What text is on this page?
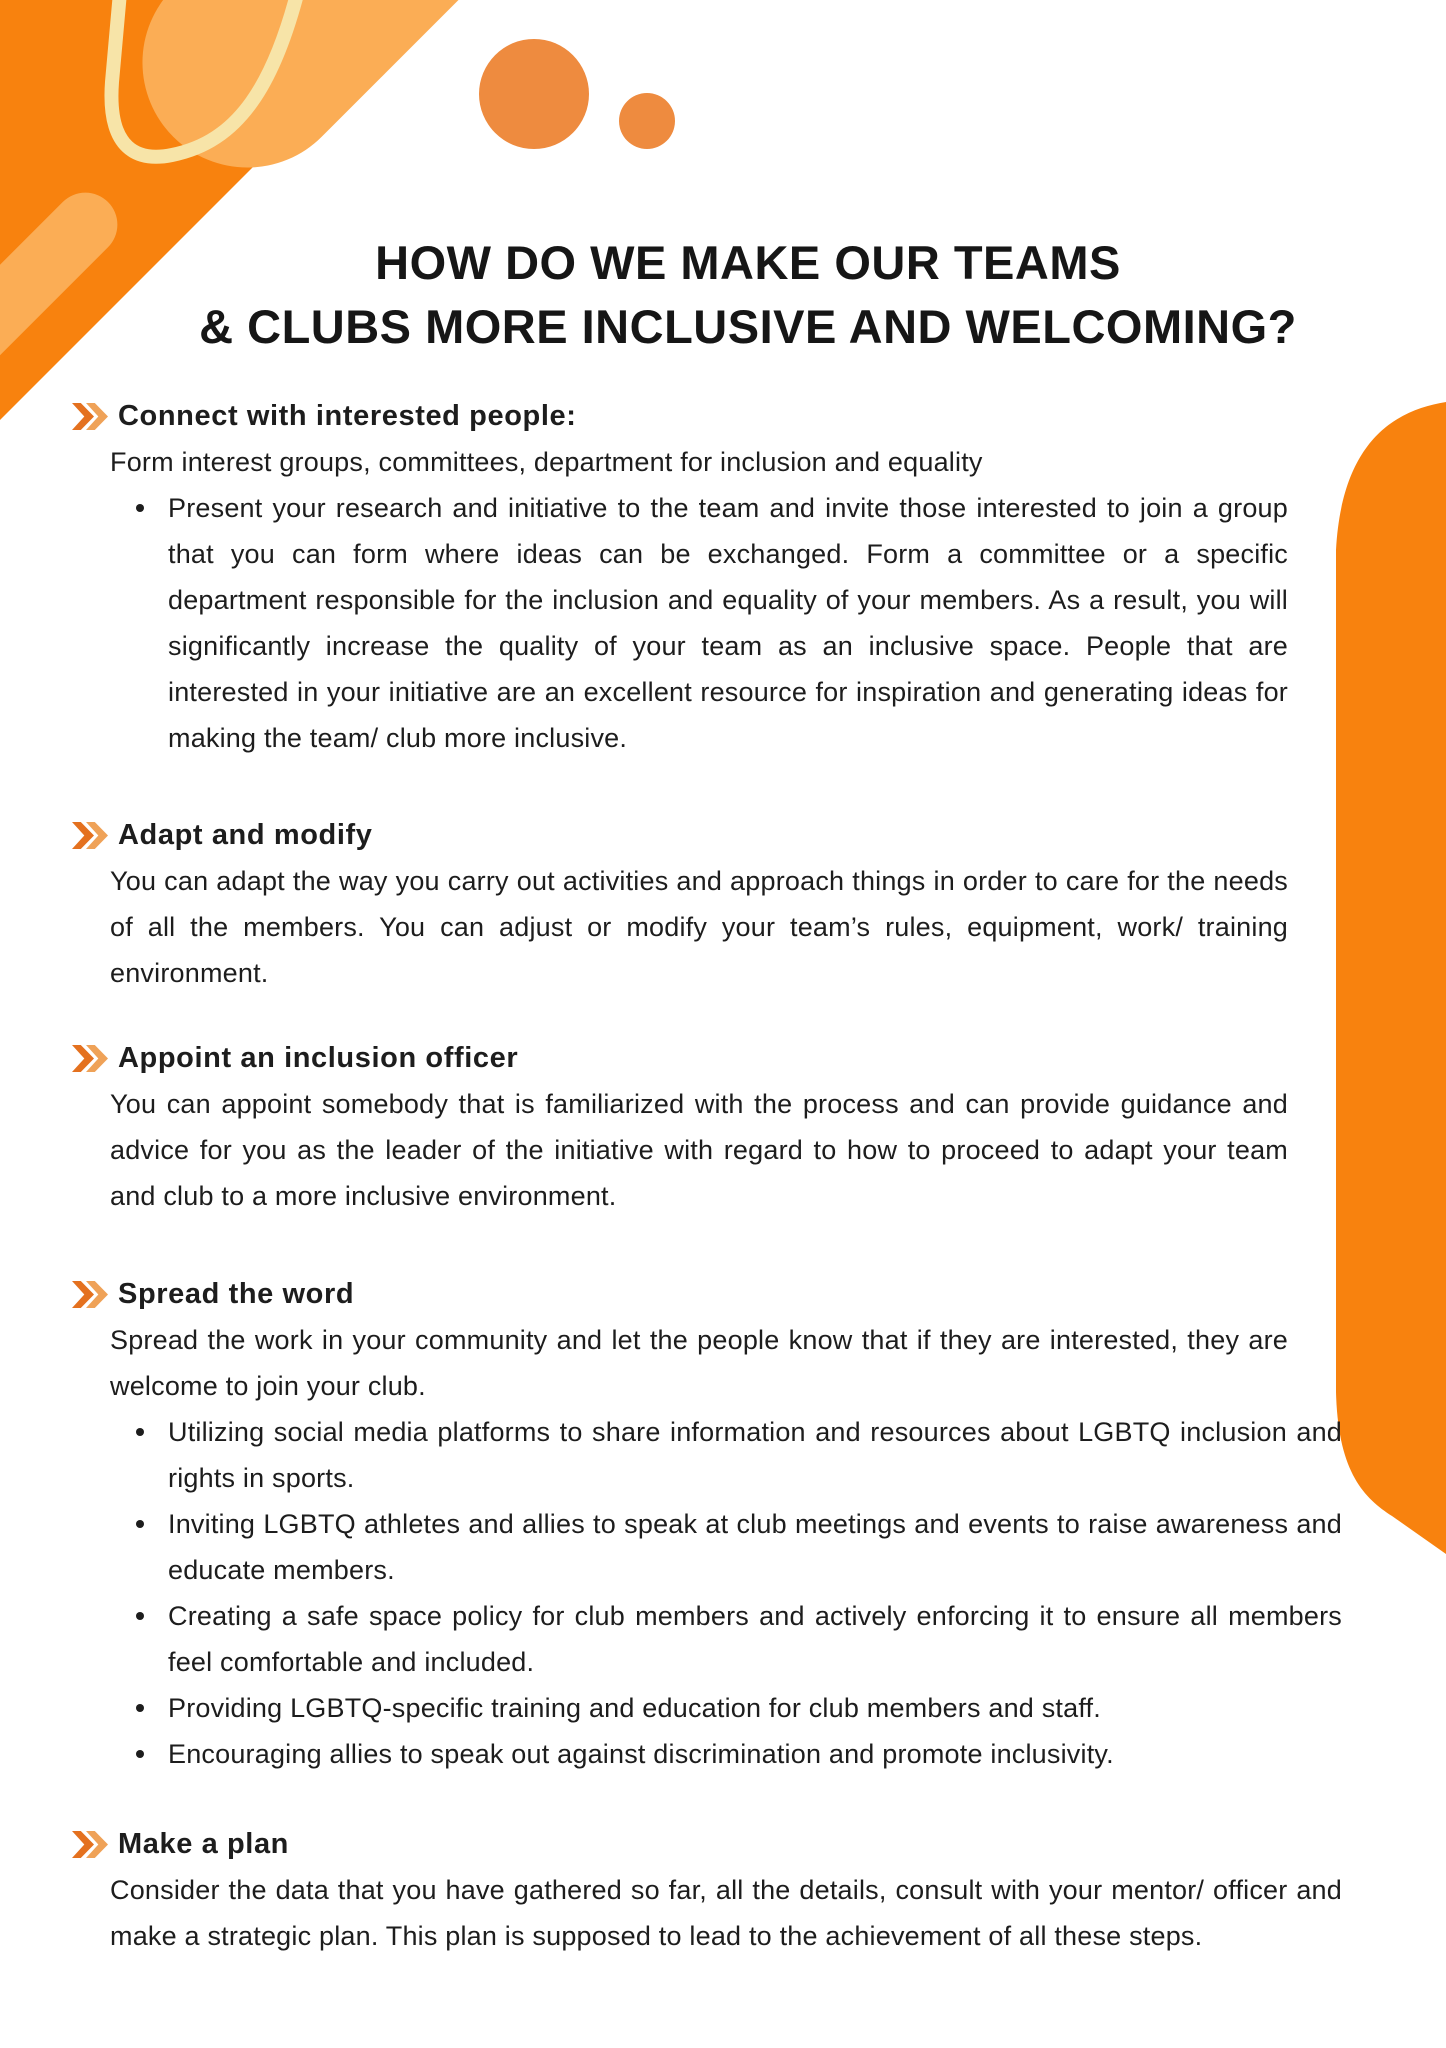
HOW DO WE MAKE OUR TEAMS
& CLUBS MORE INCLUSIVE AND WELCOMING?
Connect with interested people:

Form interest groups, committees, department for inclusion and equality

Present your research and initiative to the team and invite those interested to join a group that you can form where ideas can be exchanged. Form a committee or a specific department responsible for the inclusion and equality of your members. As a result, you will significantly increase the quality of your team as an inclusive space. People that are interested in your initiative are an excellent resource for inspiration and generating ideas for making the team/ club more inclusive.

Adapt and modify

You can adapt the way you carry out activities and approach things in order to care for the needs of all the members. You can adjust or modify your team’s rules, equipment, work/ training environment.

Appoint an inclusion officer

You can appoint somebody that is familiarized with the process and can provide guidance and advice for you as the leader of the initiative with regard to how to proceed to adapt your team and club to a more inclusive environment.

Spread the word

Spread the work in your community and let the people know that if they are interested, they are welcome to join your club.

Utilizing social media platforms to share information and resources about LGBTQ inclusion and rights in sports.

Inviting LGBTQ athletes and allies to speak at club meetings and events to raise awareness and educate members.

Creating a safe space policy for club members and actively enforcing it to ensure all members feel comfortable and included.

Providing LGBTQ-specific training and education for club members and staff.

Encouraging allies to speak out against discrimination and promote inclusivity.

Make a plan

Consider the data that you have gathered so far, all the details, consult with your mentor/ officer and make a strategic plan. This plan is supposed to lead to the achievement of all these steps.
